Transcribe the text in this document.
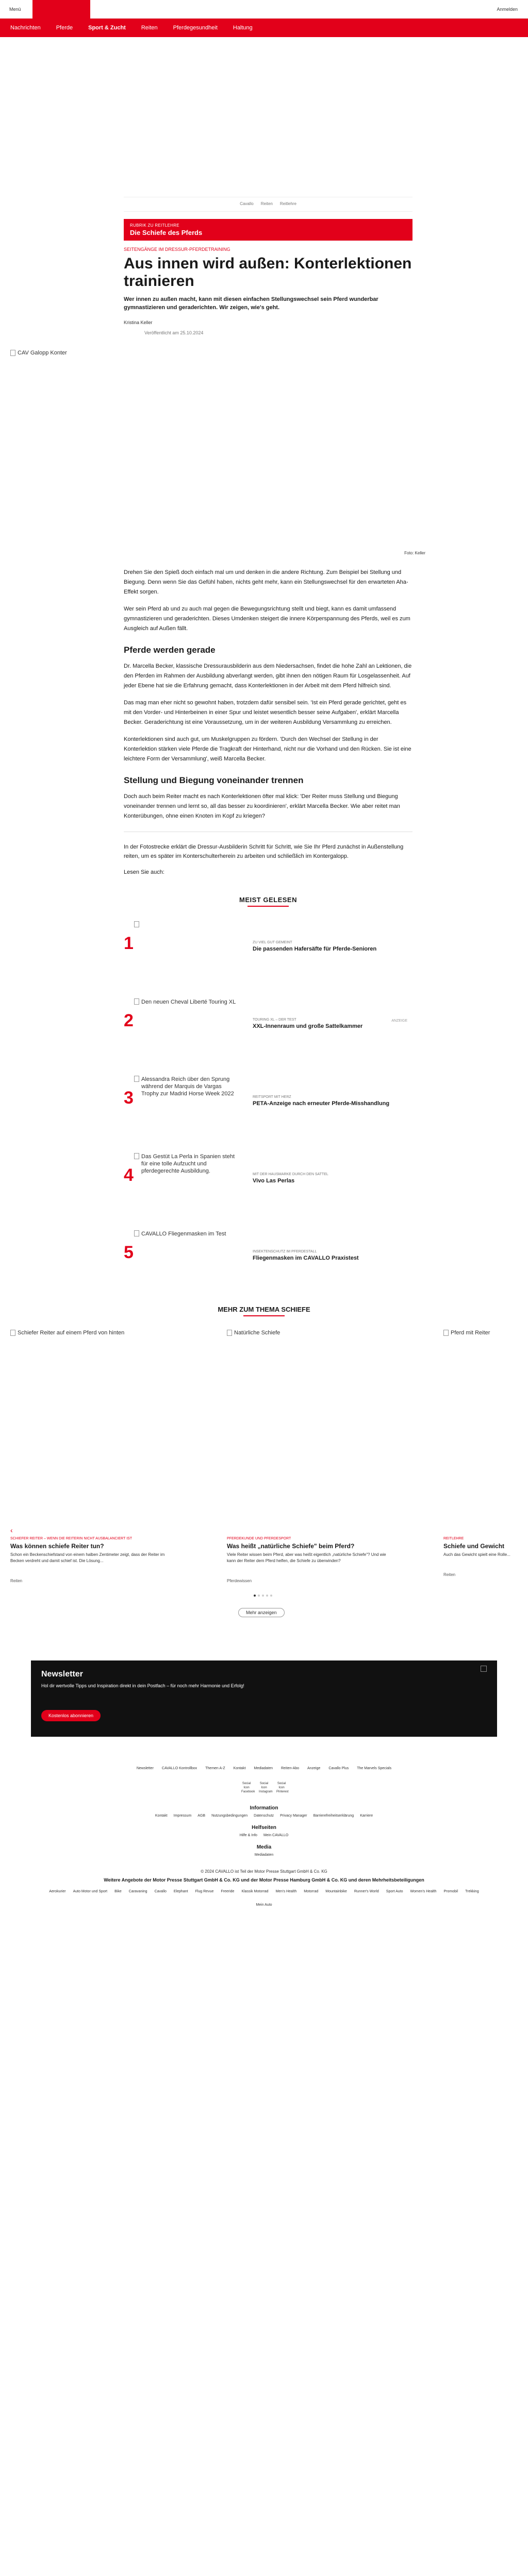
Menü	Anmelden
Nachrichten	Pferde	Sport & Zucht	Reiten	Pferdegesundheit	Haltung
Cavallo Reiten Reitlehre
RUBRIK ZU REITLEHRE
Die Schiefe des Pferds
SEITENGÄNGE IM DRESSUR-PFERDETRAINING
Aus innen wird außen: Konterlektionen trainieren
Wer innen zu außen macht, kann mit diesen einfachen Stellungswechsel sein Pferd wunderbar gymnastizieren und geraderichten. Wir zeigen, wie's geht.
Kristina Keller
Veröffentlicht am 25.10.2024
CAV Galopp Konter
Foto: Keller

Drehen Sie den Spieß doch einfach mal um und denken in die andere Richtung. Zum Beispiel bei Stellung und Biegung. Denn wenn Sie das Gefühl haben, nichts geht mehr, kann ein Stellungswechsel für den erwarteten Aha-Effekt sorgen.

Wer sein Pferd ab und zu auch mal gegen die Bewegungsrichtung stellt und biegt, kann es damit umfassend gymnastizieren und geraderichten. Dieses Umdenken steigert die innere Körperspannung des Pferds, weil es zum Ausgleich auf Außen fällt.

Pferde werden gerade

Dr. Marcella Becker, klassische Dressurausbilderin aus dem Niedersachsen, findet die hohe Zahl an Lektionen, die den Pferden im Rahmen der Ausbildung abverlangt werden, gibt ihnen den nötigen Raum für Losgelassenheit. Auf jeder Ebene hat sie die Erfahrung gemacht, dass Konterlektionen in der Arbeit mit dem Pferd hilfreich sind.

Das mag man eher nicht so gewohnt haben, trotzdem dafür sensibel sein. 'Ist ein Pferd gerade gerichtet, geht es mit den Vorder- und Hinterbeinen in einer Spur und leistet wesentlich besser seine Aufgaben', erklärt Marcella Becker. Geraderichtung ist eine Voraussetzung, um in der weiteren Ausbildung Versammlung zu erreichen.

Konterlektionen sind auch gut, um Muskelgruppen zu fördern. 'Durch den Wechsel der Stellung in der Konterlektion stärken viele Pferde die Tragkraft der Hinterhand, nicht nur die Vorhand und den Rücken. Sie ist eine leichtere Form der Versammlung', weiß Marcella Becker.

Stellung und Biegung voneinander trennen

Doch auch beim Reiter macht es nach Konterlektionen öfter mal klick: 'Der Reiter muss Stellung und Biegung voneinander trennen und lernt so, all das besser zu koordinieren', erklärt Marcella Becker. Wie aber reitet man Konterübungen, ohne einen Knoten im Kopf zu kriegen?

In der Fotostrecke erklärt die Dressur-Ausbilderin Schritt für Schritt, wie Sie Ihr Pferd zunächst in Außenstellung reiten, um es später im Konterschulterherein zu arbeiten und schließlich im Kontergalopp.
Lesen Sie auch:
MEIST GELESEN
1	ZU VIEL GUT GEMEINT
Die passenden Hafersäfte für Pferde-Senioren
2
Den neuen Cheval Liberté Touring XL
TOURING XL – DER TEST
XXL-Innenraum und große Sattelkammer
ANZEIGE
3
Alessandra Reich über den Sprung während der Marquis de Vargas Trophy zur Madrid Horse Week 2022
REITSPORT MIT HERZ
PETA-Anzeige nach erneuter Pferde-Misshandlung
4
Das Gestüt La Perla in Spanien steht für eine tolle Aufzucht und pferdegerechte Ausbildung.
MIT DER HAUSMARKE DURCH DEN SATTEL
Vivo Las Perlas
5
CAVALLO Fliegenmasken im Test
INSEKTENSCHUTZ IM PFERDESTALL
Fliegenmasken im CAVALLO Praxistest
MEHR ZUM THEMA SCHIEFE
Schiefer Reiter auf einem Pferd von hinten
SCHIEFER REITER – WENN DIE REITERIN NICHT AUSBALANCIERT IST
Was können schiefe Reiter tun?
Schon ein Beckenschiefstand von einem halben Zentimeter zeigt, dass der Reiter im Becken verdreht und damit schief ist. Die Lösung...
Reiten
Natürliche Schiefe
PFERDEKUNDE UND PFERDESPORT
Was heißt „natürliche Schiefe" beim Pferd?
Viele Reiter wissen beim Pferd, aber was heißt eigentlich „natürliche Schiefe"? Und wie kann der Reiter dem Pferd helfen, die Schiefe zu überwinden?
Pferdewissen
Pferd mit Reiter
REITLEHRE
Schiefe und Gewicht
Auch das Gewicht spielt eine Rolle...
Reiten
‹
Mehr anzeigen
Newsletter
Hol dir wertvolle Tipps und Inspiration direkt in dein Postfach – für noch mehr Harmonie und Erfolg!
Kostenlos abonnieren
Newsletter CAVALLO Kontrollbox Themen A-Z Kontakt Mediadaten Reiten-Abo Anzeige Cavallo Plus The Marvels Specials
Social Icon Facebook
Social Icon Instagram
Social Icon Pinterest
Information
Kontakt Impressum AGB Nutzungsbedingungen Datenschutz Privacy Manager Barrierefreiheitserklärung Karriere
Helfseiten
Hilfe & Info Mein CAVALLO
Media
Mediadaten
© 2024 CAVALLO ist Teil der Motor Presse Stuttgart GmbH & Co. KG
Weitere Angebote der Motor Presse Stuttgart GmbH & Co. KG und der Motor Presse Hamburg GmbH & Co. KG und deren Mehrheitsbeteiligungen
Aerokurier Auto Motor und Sport Bike Caravaning Cavallo Elephant Flug Revue Freeride Klassik Motorrad Men's Health Motorrad Mountainbike Runner's World Sport Auto Women's Health Promobil Trekking
Mein Auto
